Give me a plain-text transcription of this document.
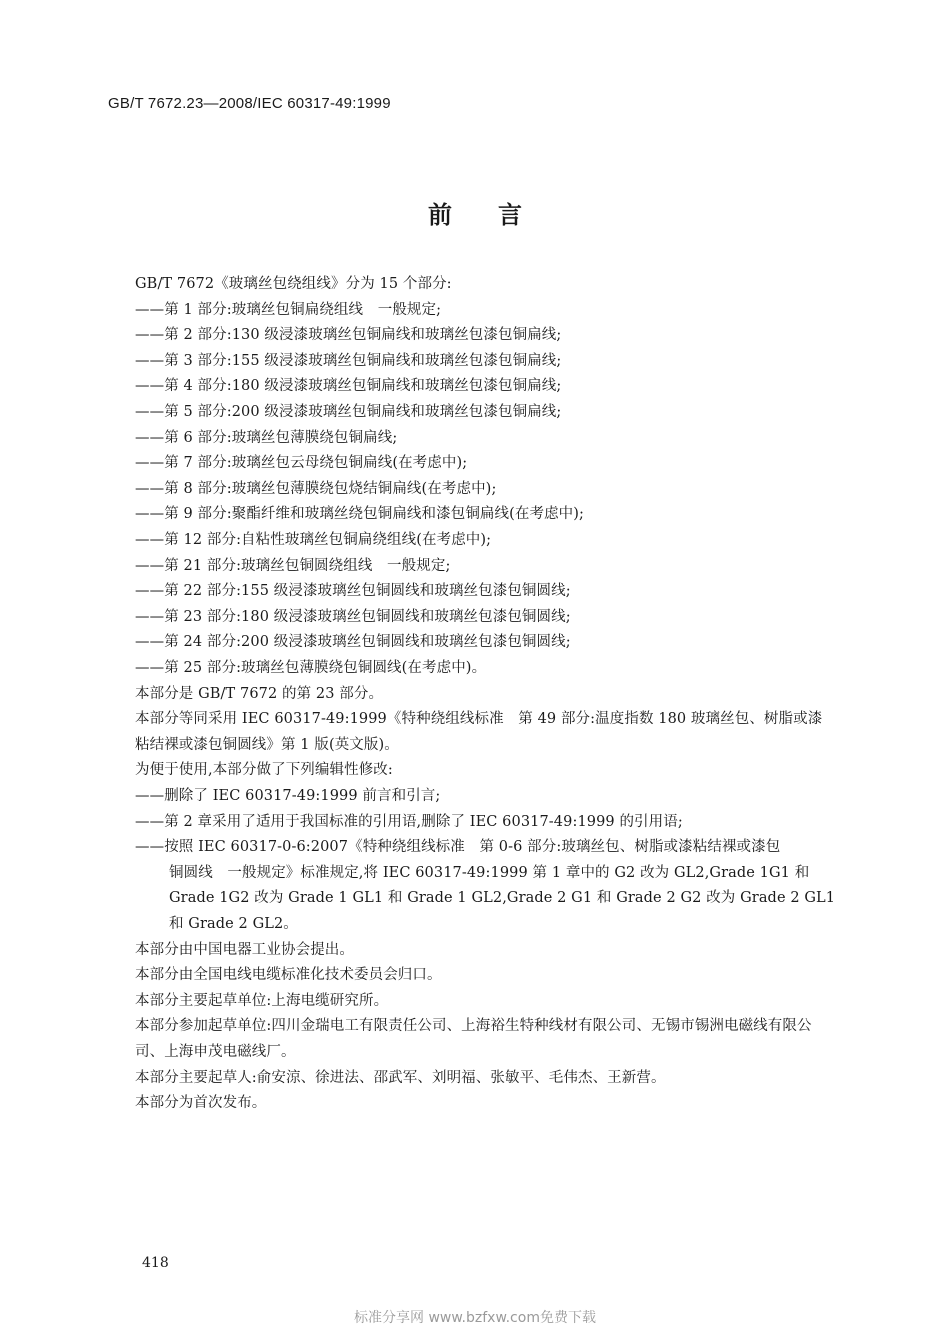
GB/T 7672.23—2008/IEC 60317-49:1999
前言
GB/T 7672《玻璃丝包绕组线》分为 15 个部分:
——第 1 部分:玻璃丝包铜扁绕组线　一般规定;
——第 2 部分:130 级浸漆玻璃丝包铜扁线和玻璃丝包漆包铜扁线;
——第 3 部分:155 级浸漆玻璃丝包铜扁线和玻璃丝包漆包铜扁线;
——第 4 部分:180 级浸漆玻璃丝包铜扁线和玻璃丝包漆包铜扁线;
——第 5 部分:200 级浸漆玻璃丝包铜扁线和玻璃丝包漆包铜扁线;
——第 6 部分:玻璃丝包薄膜绕包铜扁线;
——第 7 部分:玻璃丝包云母绕包铜扁线(在考虑中);
——第 8 部分:玻璃丝包薄膜绕包烧结铜扁线(在考虑中);
——第 9 部分:聚酯纤维和玻璃丝绕包铜扁线和漆包铜扁线(在考虑中);
——第 12 部分:自粘性玻璃丝包铜扁绕组线(在考虑中);
——第 21 部分:玻璃丝包铜圆绕组线　一般规定;
——第 22 部分:155 级浸漆玻璃丝包铜圆线和玻璃丝包漆包铜圆线;
——第 23 部分:180 级浸漆玻璃丝包铜圆线和玻璃丝包漆包铜圆线;
——第 24 部分:200 级浸漆玻璃丝包铜圆线和玻璃丝包漆包铜圆线;
——第 25 部分:玻璃丝包薄膜绕包铜圆线(在考虑中)。
本部分是 GB/T 7672 的第 23 部分。
本部分等同采用 IEC 60317-49:1999《特种绕组线标准　第 49 部分:温度指数 180 玻璃丝包、树脂或漆粘结裸或漆包铜圆线》第 1 版(英文版)。
为便于使用,本部分做了下列编辑性修改:
——删除了 IEC 60317-49:1999 前言和引言;
——第 2 章采用了适用于我国标准的引用语,删除了 IEC 60317-49:1999 的引用语;
——按照 IEC 60317-0-6:2007《特种绕组线标准　第 0-6 部分:玻璃丝包、树脂或漆粘结裸或漆包
铜圆线　一般规定》标准规定,将 IEC 60317-49:1999 第 1 章中的 G2 改为 GL2,Grade 1G1 和
Grade 1G2 改为 Grade 1 GL1 和 Grade 1 GL2,Grade 2 G1 和 Grade 2 G2 改为 Grade 2 GL1
和 Grade 2 GL2。
本部分由中国电器工业协会提出。
本部分由全国电线电缆标准化技术委员会归口。
本部分主要起草单位:上海电缆研究所。
本部分参加起草单位:四川金瑞电工有限责任公司、上海裕生特种线材有限公司、无锡市锡洲电磁线有限公司、上海申茂电磁线厂。
本部分主要起草人:俞安涼、徐进法、邵武军、刘明福、张敏平、毛伟杰、王新营。
本部分为首次发布。
418
标准分享网 www.bzfxw.com免费下载
